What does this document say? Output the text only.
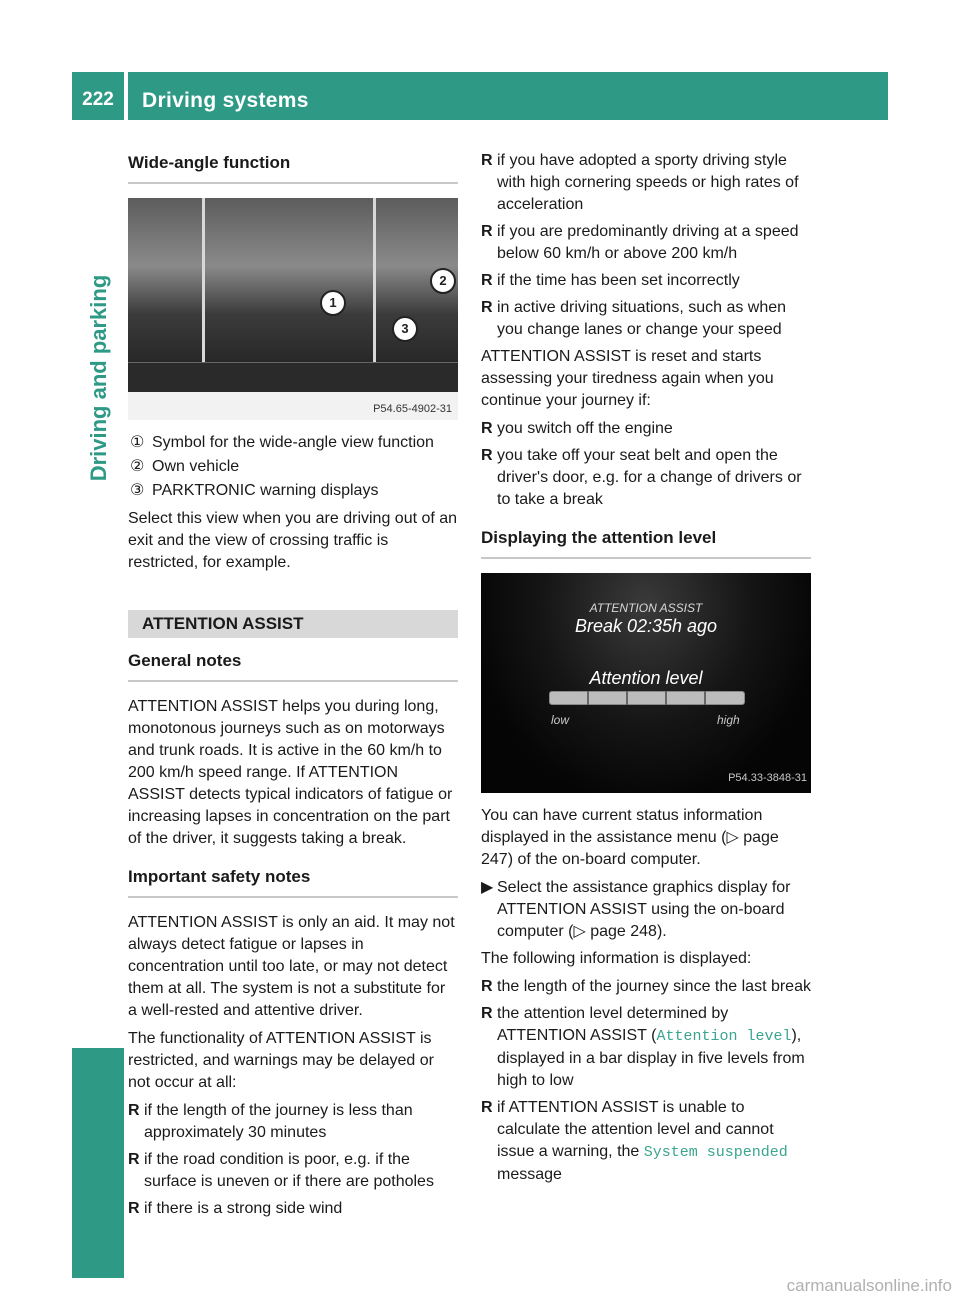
222	Driving systems
Driving and parking
Wide-angle function
P54.65-4902-31
1
2
3
① Symbol for the wide-angle view function
② Own vehicle
③ PARKTRONIC warning displays

Select this view when you are driving out of an exit and the view of crossing traffic is restricted, for example.

ATTENTION ASSIST
General notes

ATTENTION ASSIST helps you during long, monotonous journeys such as on motorways and trunk roads. It is active in the 60 km/h to 200 km/h speed range. If ATTENTION ASSIST detects typical indicators of fatigue or increasing lapses in concentration on the part of the driver, it suggests taking a break.

Important safety notes

ATTENTION ASSIST is only an aid. It may not always detect fatigue or lapses in concentration until too late, or may not detect them at all. The system is not a substitute for a well-rested and attentive driver.

The functionality of ATTENTION ASSIST is restricted, and warnings may be delayed or not occur at all:

R if the length of the journey is less than approximately 30 minutes
R if the road condition is poor, e.g. if the surface is uneven or if there are potholes
R if there is a strong side wind
R if you have adopted a sporty driving style with high cornering speeds or high rates of acceleration
R if you are predominantly driving at a speed below 60 km/h or above 200 km/h
R if the time has been set incorrectly
R in active driving situations, such as when you change lanes or change your speed

ATTENTION ASSIST is reset and starts assessing your tiredness again when you continue your journey if:

R you switch off the engine
R you take off your seat belt and open the driver's door, e.g. for a change of drivers or to take a break
Displaying the attention level
ATTENTION ASSIST
Break 02:35h ago
Attention level
low	high
P54.33-3848-31

You can have current status information displayed in the assistance menu (▷ page 247) of the on-board computer.

▶ Select the assistance graphics display for ATTENTION ASSIST using the on-board computer (▷ page 248).

The following information is displayed:

R the length of the journey since the last break
R the attention level determined by ATTENTION ASSIST (Attention level), displayed in a bar display in five levels from high to low
R if ATTENTION ASSIST is unable to calculate the attention level and cannot issue a warning, the System suspended message
carmanualsonline.info
